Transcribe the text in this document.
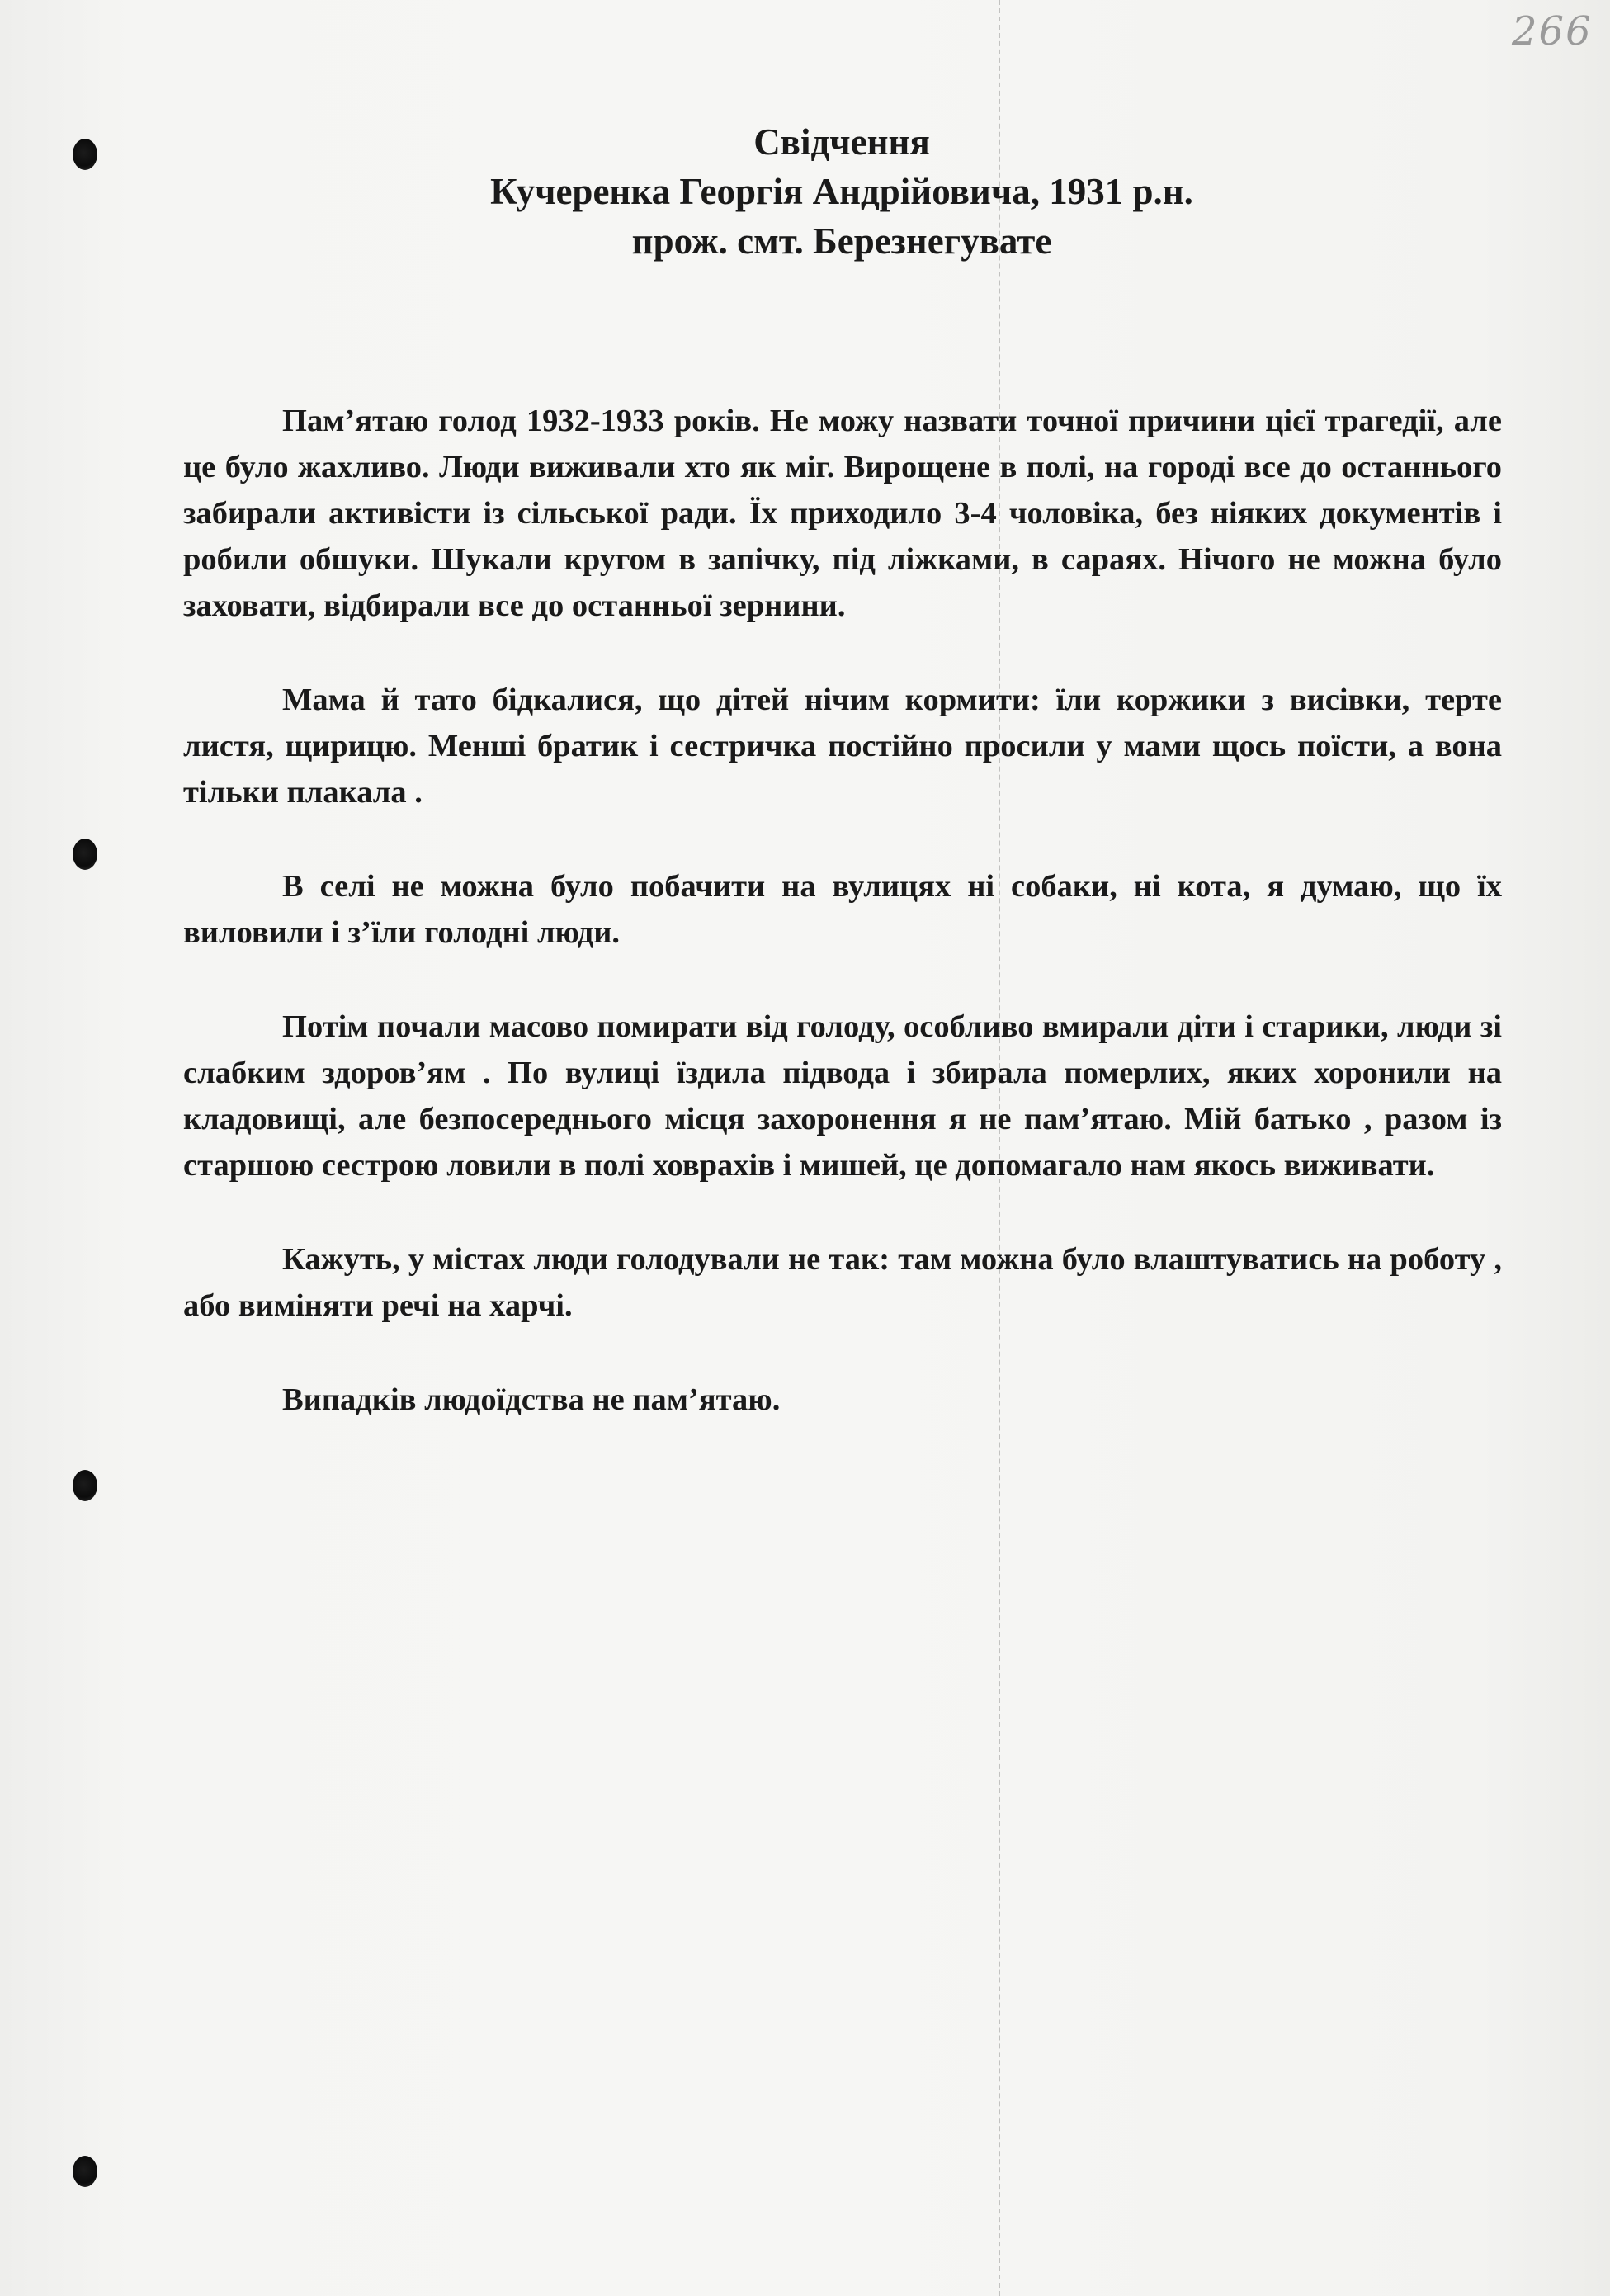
266
Свідчення
Кучеренка Георгія Андрійовича, 1931 р.н.
прож. смт. Березнегувате

Пам’ятаю голод 1932-1933 років. Не можу назвати точної причини цієї трагедії, але це було жахливо. Люди виживали хто як міг. Вирощене в полі, на городі все до останнього забирали активісти із сільської ради. Їх приходило 3-4 чоловіка, без ніяких документів і робили обшуки. Шукали кругом в запічку, під ліжками, в сараях. Нічого не можна було заховати, відбирали все до останньої зернини.

Мама й тато бідкалися, що дітей нічим кормити: їли коржики з висівки, терте листя, щирицю. Менші братик і сестричка постійно просили у мами щось поїсти, а вона тільки плакала .

В селі не можна було побачити на вулицях ні собаки, ні кота, я думаю, що їх виловили і з’їли голодні люди.

Потім почали масово помирати від голоду, особливо вмирали діти і старики, люди зі слабким здоров’ям . По вулиці їздила підвода і збирала померлих, яких хоронили на кладовищі, але безпосереднього місця захоронення я не пам’ятаю. Мій батько , разом із старшою сестрою ловили в полі ховрахів і мишей, це допомагало нам якось виживати.

Кажуть, у містах люди голодували не так: там можна було влаштуватись на роботу , або виміняти речі на харчі.

Випадків людоїдства не пам’ятаю.
